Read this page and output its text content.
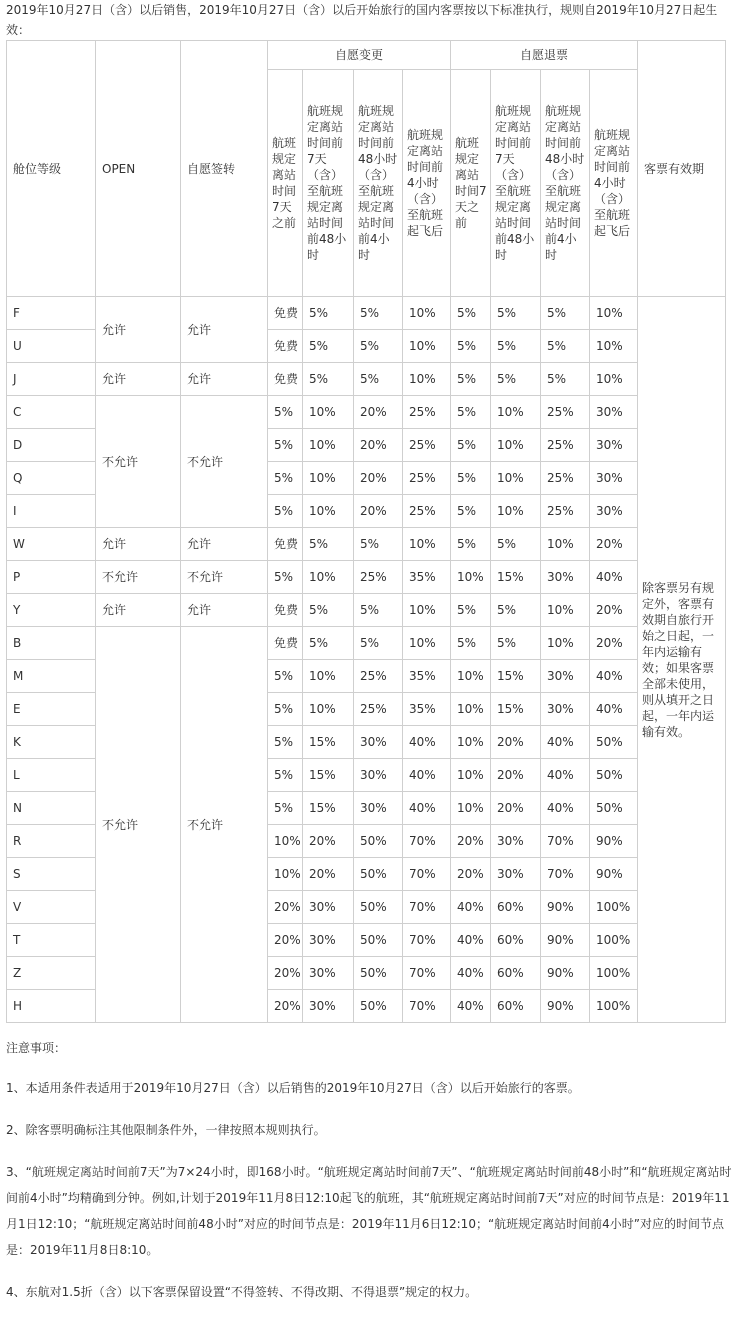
2019年10月27日（含）以后销售，2019年10月27日（含）以后开始旅行的国内客票按以下标准执行，规则自2019年10月27日起生效：
舱位等级	OPEN	自愿签转	自愿变更				自愿退票				客票有效期
			航班规定离站时间7天之前	航班规定离站时间前7天（含）至航班规定离站时间前48小时	航班规定离站时间前48小时（含）至航班规定离站时间前4小时	航班规定离站时间前4小时（含）至航班起飞后	航班规定离站时间7天之前	航班规定离站时间前7天（含）至航班规定离站时间前48小时	航班规定离站时间前48小时（含）至航班规定离站时间前4小时	航班规定离站时间前4小时（含）至航班起飞后	
F	允许	允许	免费	5%	5%	10%	5%	5%	5%	10%	除客票另有规定外，客票有效期自旅行开始之日起，一年内运输有效；如果客票全部未使用，则从填开之日起，一年内运输有效。
U			免费	5%	5%	10%	5%	5%	5%	10%	
J	允许	允许	免费	5%	5%	10%	5%	5%	5%	10%	
C	不允许	不允许	5%	10%	20%	25%	5%	10%	25%	30%	
D			5%	10%	20%	25%	5%	10%	25%	30%	
Q			5%	10%	20%	25%	5%	10%	25%	30%	
I			5%	10%	20%	25%	5%	10%	25%	30%	
W	允许	允许	免费	5%	5%	10%	5%	5%	10%	20%	
P	不允许	不允许	5%	10%	25%	35%	10%	15%	30%	40%	
Y	允许	允许	免费	5%	5%	10%	5%	5%	10%	20%	
B	不允许	不允许	免费	5%	5%	10%	5%	5%	10%	20%	
M			5%	10%	25%	35%	10%	15%	30%	40%	
E			5%	10%	25%	35%	10%	15%	30%	40%	
K			5%	15%	30%	40%	10%	20%	40%	50%	
L			5%	15%	30%	40%	10%	20%	40%	50%	
N			5%	15%	30%	40%	10%	20%	40%	50%	
R			10%	20%	50%	70%	20%	30%	70%	90%	
S			10%	20%	50%	70%	20%	30%	70%	90%	
V			20%	30%	50%	70%	40%	60%	90%	100%	
T			20%	30%	50%	70%	40%	60%	90%	100%	
Z			20%	30%	50%	70%	40%	60%	90%	100%	
H			20%	30%	50%	70%	40%	60%	90%	100%	

注意事项：

1、本适用条件表适用于2019年10月27日（含）以后销售的2019年10月27日（含）以后开始旅行的客票。

2、除客票明确标注其他限制条件外，一律按照本规则执行。

3、“航班规定离站时间前7天”为7×24小时，即168小时。“航班规定离站时间前7天”、“航班规定离站时间前48小时”和“航班规定离站时间前4小时”均精确到分钟。例如,计划于2019年11月8日12:10起飞的航班，其“航班规定离站时间前7天”对应的时间节点是：2019年11月1日12:10；“航班规定离站时间前48小时”对应的时间节点是：2019年11月6日12:10；“航班规定离站时间前4小时”对应的时间节点是：2019年11月8日8:10。

4、东航对1.5折（含）以下客票保留设置“不得签转、不得改期、不得退票”规定的权力。
